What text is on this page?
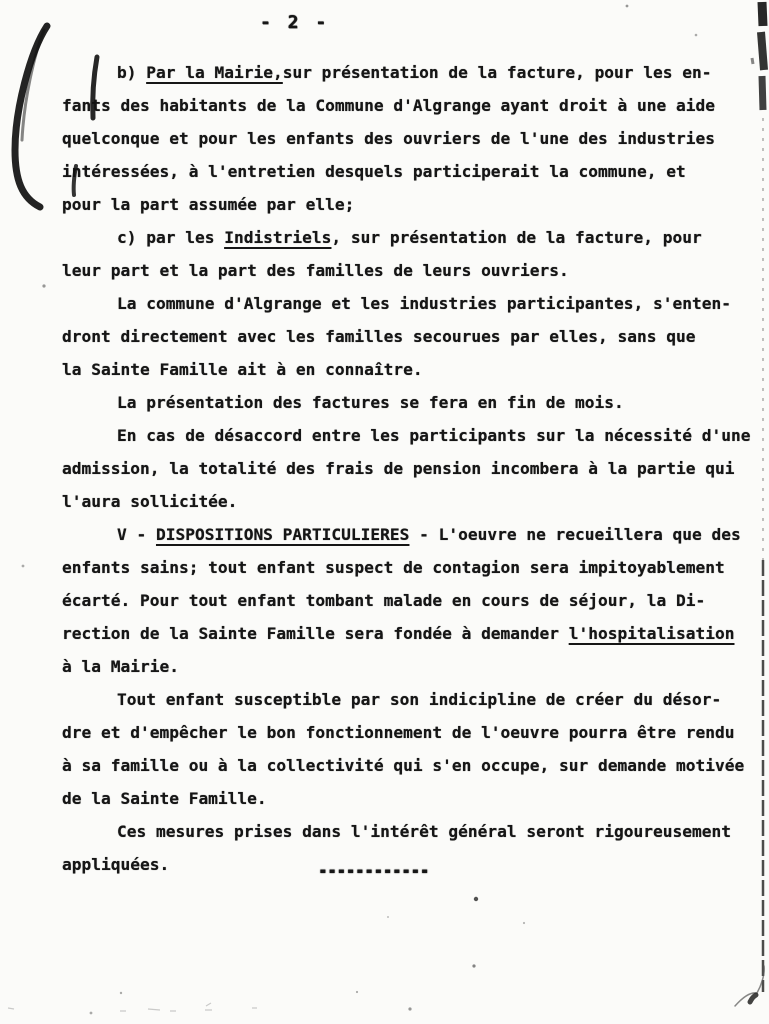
- 2 -
b) Par la Mairie,sur présentation de la facture, pour les en-
fants des habitants de la Commune d'Algrange ayant droit à une aide
quelconque et pour les enfants des ouvriers de l'une des industries
intéressées, à l'entretien desquels participerait la commune, et
pour la part assumée par elle;
c) par les Indistriels, sur présentation de la facture, pour
leur part et la part des familles de leurs ouvriers.
La commune d'Algrange et les industries participantes, s'enten-
dront directement avec les familles secourues par elles, sans que
la Sainte Famille ait à en connaître.
La présentation des factures se fera en fin de mois.
En cas de désaccord entre les participants sur la nécessité d'une
admission, la totalité des frais de pension incombera à la partie qui
l'aura sollicitée.
V - DISPOSITIONS PARTICULIERES - L'oeuvre ne recueillera que des
enfants sains; tout enfant suspect de contagion sera impitoyablement
écarté. Pour tout enfant tombant malade en cours de séjour, la Di-
rection de la Sainte Famille sera fondée à demander l'hospitalisation
à la Mairie.
Tout enfant susceptible par son indicipline de créer du désor-
dre et d'empêcher le bon fonctionnement de l'oeuvre pourra être rendu
à sa famille ou à la collectivité qui s'en occupe, sur demande motivée
de la Sainte Famille.
Ces mesures prises dans l'intérêt général seront rigoureusement
appliquées.	------------
